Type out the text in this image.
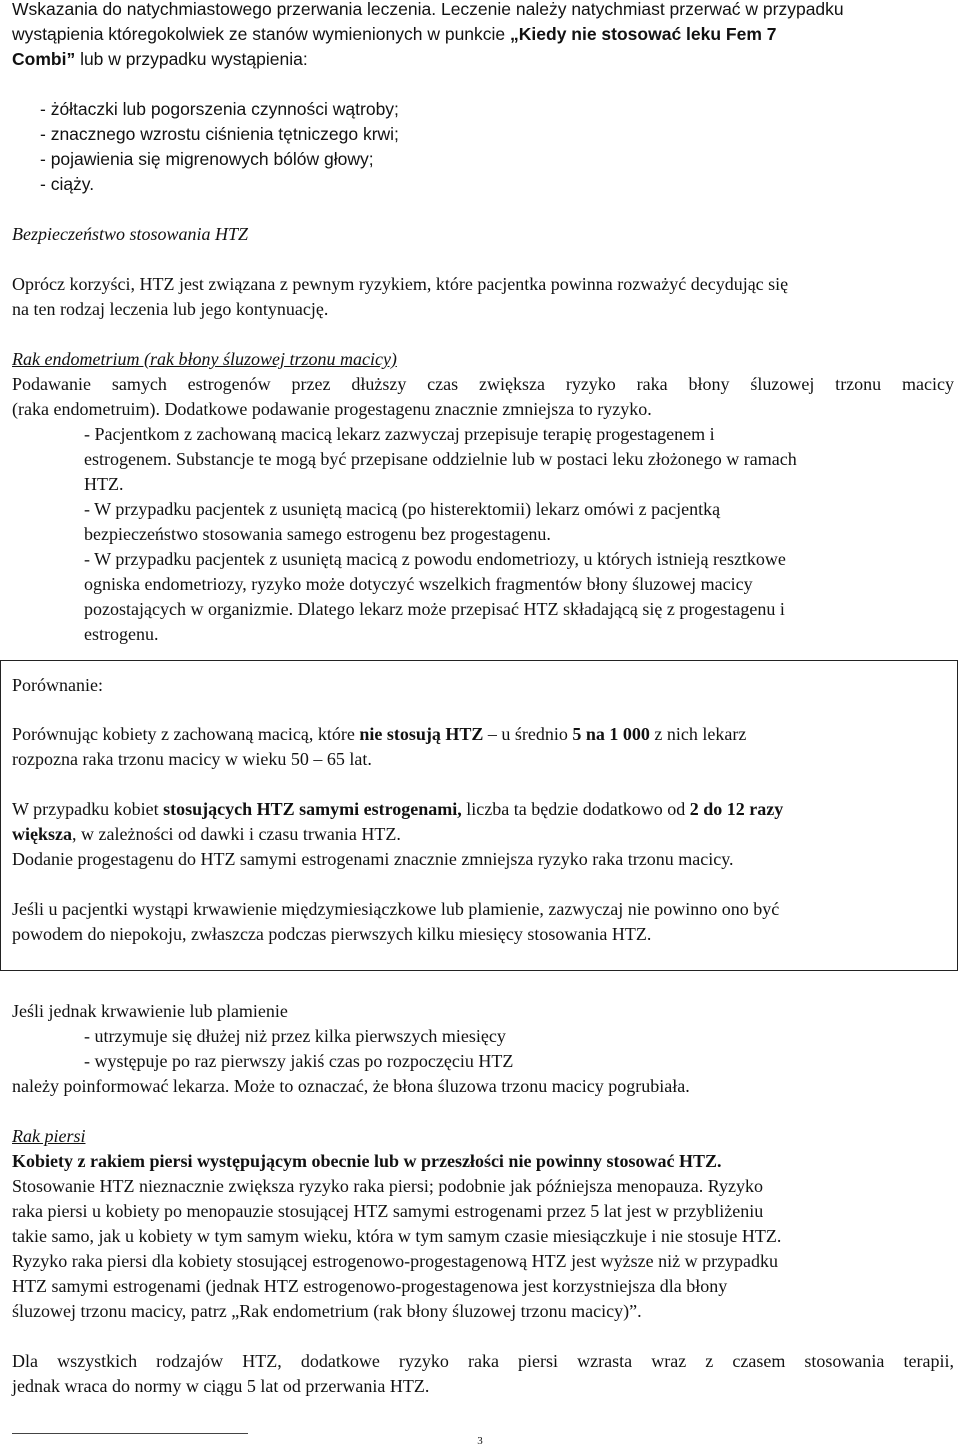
Wskazania do natychmiastowego przerwania leczenia. Leczenie należy natychmiast przerwać w przypadku
wystąpienia któregokolwiek ze stanów wymienionych w punkcie „Kiedy nie stosować leku Fem 7
Combi” lub w przypadku wystąpienia:
- żółtaczki lub pogorszenia czynności wątroby;
- znacznego wzrostu ciśnienia tętniczego krwi;
- pojawienia się migrenowych bólów głowy;
- ciąży.
Bezpieczeństwo stosowania HTZ
Oprócz korzyści, HTZ jest związana z pewnym ryzykiem, które pacjentka powinna rozważyć decydując się
na ten rodzaj leczenia lub jego kontynuację.
Rak endometrium (rak błony śluzowej trzonu macicy)
Podawanie samych estrogenów przez dłuższy czas zwiększa ryzyko raka błony śluzowej trzonu macicy
(raka endometruim). Dodatkowe podawanie progestagenu znacznie zmniejsza to ryzyko.
- Pacjentkom z zachowaną macicą lekarz zazwyczaj przepisuje terapię progestagenem i
estrogenem. Substancje te mogą być przepisane oddzielnie lub w postaci leku złożonego w ramach
HTZ.
- W przypadku pacjentek z usuniętą macicą (po histerektomii) lekarz omówi z pacjentką
bezpieczeństwo stosowania samego estrogenu bez progestagenu.
- W przypadku pacjentek z usuniętą macicą z powodu endometriozy, u których istnieją resztkowe
ogniska endometriozy, ryzyko może dotyczyć wszelkich fragmentów błony śluzowej macicy
pozostających w organizmie. Dlatego lekarz może przepisać HTZ składającą się z progestagenu i
estrogenu.
Porównanie:
Porównując kobiety z zachowaną macicą, które nie stosują HTZ – u średnio 5 na 1 000 z nich lekarz
rozpozna raka trzonu macicy w wieku 50 – 65 lat.
W przypadku kobiet stosujących HTZ samymi estrogenami, liczba ta będzie dodatkowo od 2 do 12 razy
większa, w zależności od dawki i czasu trwania HTZ.
Dodanie progestagenu do HTZ samymi estrogenami znacznie zmniejsza ryzyko raka trzonu macicy.
Jeśli u pacjentki wystąpi krwawienie międzymiesiączkowe lub plamienie, zazwyczaj nie powinno ono być
powodem do niepokoju, zwłaszcza podczas pierwszych kilku miesięcy stosowania HTZ.
Jeśli jednak krwawienie lub plamienie
- utrzymuje się dłużej niż przez kilka pierwszych miesięcy
- występuje po raz pierwszy jakiś czas po rozpoczęciu HTZ
należy poinformować lekarza. Może to oznaczać, że błona śluzowa trzonu macicy pogrubiała.
Rak piersi
Kobiety z rakiem piersi występującym obecnie lub w przeszłości nie powinny stosować HTZ.
Stosowanie HTZ nieznacznie zwiększa ryzyko raka piersi; podobnie jak późniejsza menopauza. Ryzyko
raka piersi u kobiety po menopauzie stosującej HTZ samymi estrogenami przez 5 lat jest w przybliżeniu
takie samo, jak u kobiety w tym samym wieku, która w tym samym czasie miesiączkuje i nie stosuje HTZ.
Ryzyko raka piersi dla kobiety stosującej estrogenowo-progestagenową HTZ jest wyższe niż w przypadku
HTZ samymi estrogenami (jednak HTZ estrogenowo-progestagenowa jest korzystniejsza dla błony
śluzowej trzonu macicy, patrz „Rak endometrium (rak błony śluzowej trzonu macicy)”.
Dla wszystkich rodzajów HTZ, dodatkowe ryzyko raka piersi wzrasta wraz z czasem stosowania terapii,
jednak wraca do normy w ciągu 5 lat od przerwania HTZ.
3
